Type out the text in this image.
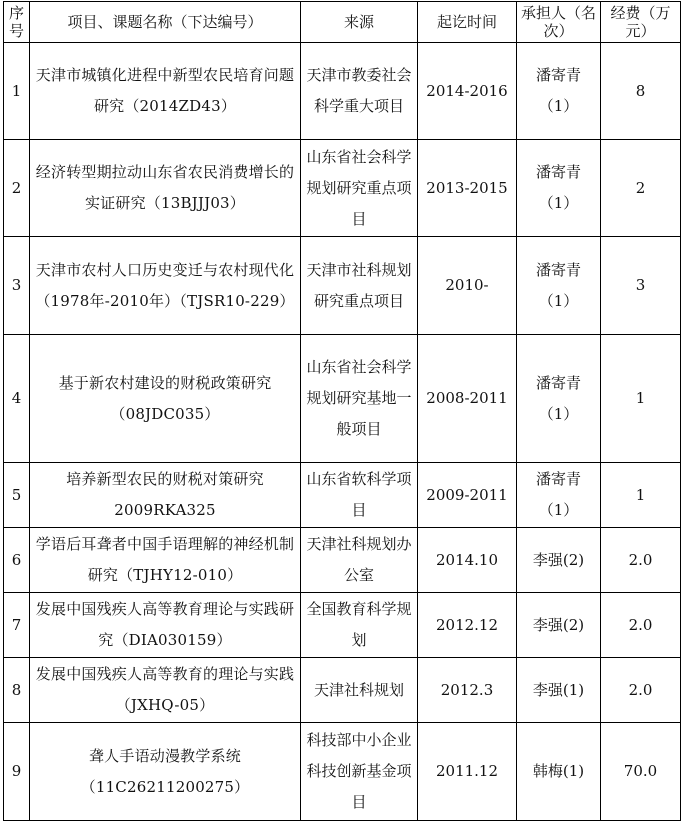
序号	项目、课题名称（下达编号）	来源	起讫时间	承担人（名次）	经费（万元）
1	天津市城镇化进程中新型农民培育问题研究（2014ZD43）	天津市教委社会科学重大项目	2014-2016	潘寄青（1）	8
2	经济转型期拉动山东省农民消费增长的实证研究（13BJJJ03）	山东省社会科学规划研究重点项目	2013-2015	潘寄青（1）	2
3	天津市农村人口历史变迁与农村现代化（1978年-2010年）（TJSR10-229）	天津市社科规划研究重点项目	2010-	潘寄青（1）	3
4	基于新农村建设的财税政策研究（08JDC035）	山东省社会科学规划研究基地一般项目	2008-2011	潘寄青（1）	1
5	培养新型农民的财税对策研究2009RKA325	山东省软科学项目	2009-2011	潘寄青（1）	1
6	学语后耳聋者中国手语理解的神经机制研究（TJHY12-010）	天津社科规划办公室	2014.10	李强(2)	2.0
7	发展中国残疾人高等教育理论与实践研究（DIA030159）	全国教育科学规划	2012.12	李强(2)	2.0
8	发展中国残疾人高等教育的理论与实践（JXHQ-05）	天津社科规划	2012.3	李强(1)	2.0
9	聋人手语动漫教学系统（11C26211200275）	科技部中小企业科技创新基金项目	2011.12	韩梅(1)	70.0
